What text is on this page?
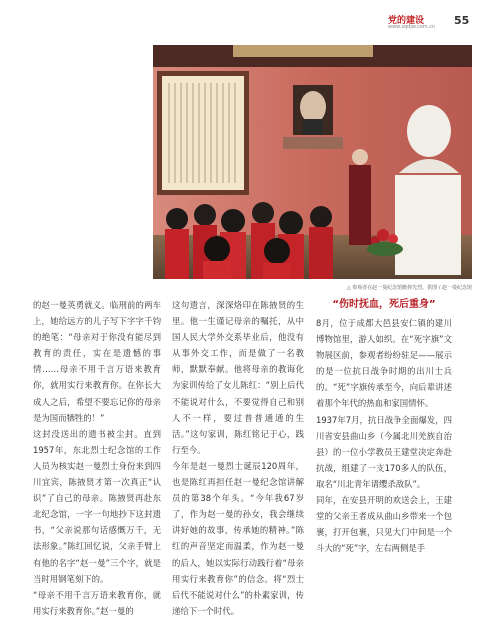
党的建设
www.sqdjw.com.cn 55
△ 参观者在赵一曼纪念馆瞻仰先烈。供图 / 赵一曼纪念馆

的赵一曼英勇就义。临刑前的两车上，她给远方的儿子写下字字千钧的绝笔：“母亲对于你没有能尽到教育的责任，实在是遗憾的事情……母亲不用千言万语来教育你，就用实行来教育你。在你长大成人之后，希望不要忘记你的母亲是为国而牺牲的！”
这封没送出的遗书被尘封。直到1957年，东北烈士纪念馆的工作人员为核实赵一曼烈士身份来到四川宜宾，陈掖贤才第一次真正“认识”了自己的母亲。陈掖贤再赴东北纪念馆，一字一句地抄下这封遗书，“父亲说那句话感慨万千，无法形象。”陈红回忆说，父亲手臂上有他的名字“赵一曼”三个字，就是当时用钢笔刻下的。
“母亲不用千言万语来教育你，就用实行来教育你。”赵一曼的

这句遗言，深深烙印在陈掖贤的生里。他一生谨记母亲的嘱托，从中国人民大学外交系毕业后，他没有从事外交工作，而是做了一名教师，默默奉献。他将母亲的教诲化为家训传给了女儿陈红：“别上后代不能说对什么，不要觉得自己和别人不一样，要过普普通通的生活。”这句家训，陈红铭记于心，践行至今。
今年是赵一曼烈士诞辰120周年，也是陈红再担任赵一曼纪念馆讲解员的第38个年头。“今年我67岁了，作为赵一曼的孙女，我会继续讲好她的故事，传承她的精神。”陈红的声音坚定而温柔，作为赵一曼的后人，她以实际行动践行着“母亲用实行来教育你”的信念。将“烈士后代不能说对什么”的朴素家训，传递给下一个时代。

“伤时抚血，死后重身”

8月，位于成都大邑县安仁镇的建川博物馆里，游人如织。在“死字旗”文物展区前，参观者纷纷驻足——展示的是一位抗日战争时期的出川士兵的。“死”字旗传承至今，向后辈讲述着那个年代的热血和家国情怀。
1937年7月，抗日战争全面爆发，四川省安县曲山乡（今属北川羌族自治县）的一位小学教员王建堂决定奔赴抗战，组建了一支170多人的队伍，取名“川北青年请缨杀敌队”。
同年，在安县开明的欢送会上，王建堂的父亲王者成从曲山乡带来一个包裹，打开包裹，只见大门中间是一个斗大的“死”字，左右两侧是手
